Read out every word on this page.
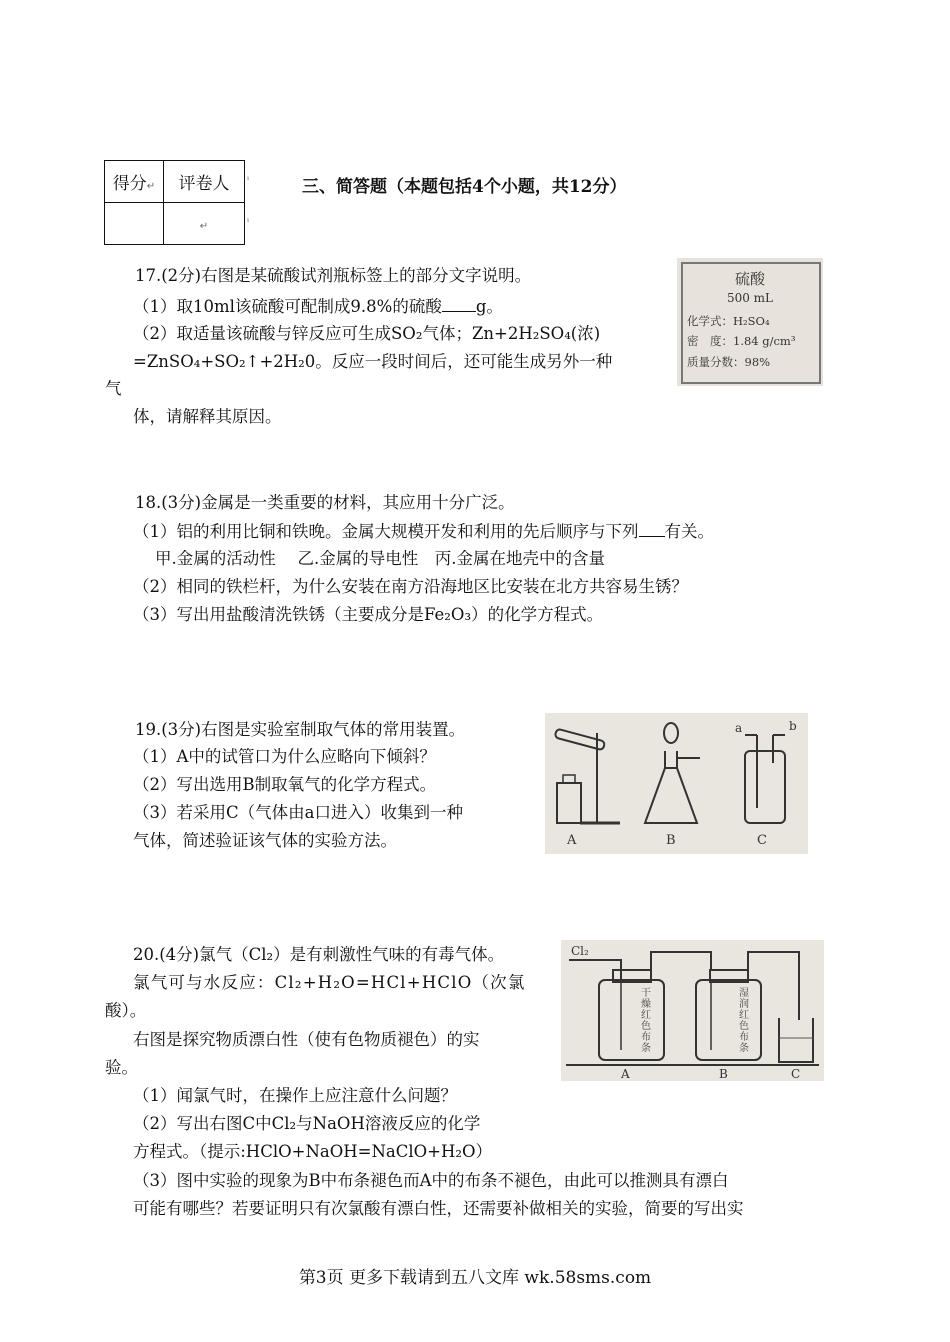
得分↵	评卷人
	↵
ᵢ
ᵢ
三、简答题（本题包括4个小题，共12分）
17.(2分)右图是某硫酸试剂瓶标签上的部分文字说明。
（1）取10ml该硫酸可配制成9.8%的硫酸 g。
（2）取适量该硫酸与锌反应可生成SO₂气体；Zn+2H₂SO₄(浓)
=ZnSO₄+SO₂↑+2H₂0。反应一段时间后，还可能生成另外一种
气
体，请解释其原因。
硫酸
500 mL
化学式：H₂SO₄
密　度：1.84 g/cm³
质量分数：98%
18.(3分)金属是一类重要的材料，其应用十分广泛。
（1）铝的利用比铜和铁晚。金属大规模开发和利用的先后顺序与下列 有关。
甲.金属的活动性　 乙.金属的导电性　丙.金属在地壳中的含量
（2）相同的铁栏杆，为什么安装在南方沿海地区比安装在北方共容易生锈？
（3）写出用盐酸清洗铁锈（主要成分是Fe₂O₃）的化学方程式。
19.(3分)右图是实验室制取气体的常用装置。
（1）A中的试管口为什么应略向下倾斜？
（2）写出选用B制取氧气的化学方程式。
（3）若采用C（气体由a口进入）收集到一种
气体，简述验证该气体的实验方法。	A	B	C
a	b
20.(4分)氯气（Cl₂）是有刺激性气味的有毒气体。
氯气可与水反应：Cl₂+H₂O=HCl+HClO（次氯
酸）。
右图是探究物质漂白性（使有色物质褪色）的实
验。
（1）闻氯气时，在操作上应注意什么问题？
（2）写出右图C中Cl₂与NaOH溶液反应的化学
方程式。（提示:HClO+NaOH=NaClO+H₂O）
（3）图中实验的现象为B中布条褪色而A中的布条不褪色，由此可以推测具有漂白
可能有哪些？若要证明只有次氯酸有漂白性，还需要补做相关的实验，简要的写出实
Cl₂
干燥红色布条
湿润红色布条
A	B	C
第3页 更多下载请到五八文库 wk.58sms.com
